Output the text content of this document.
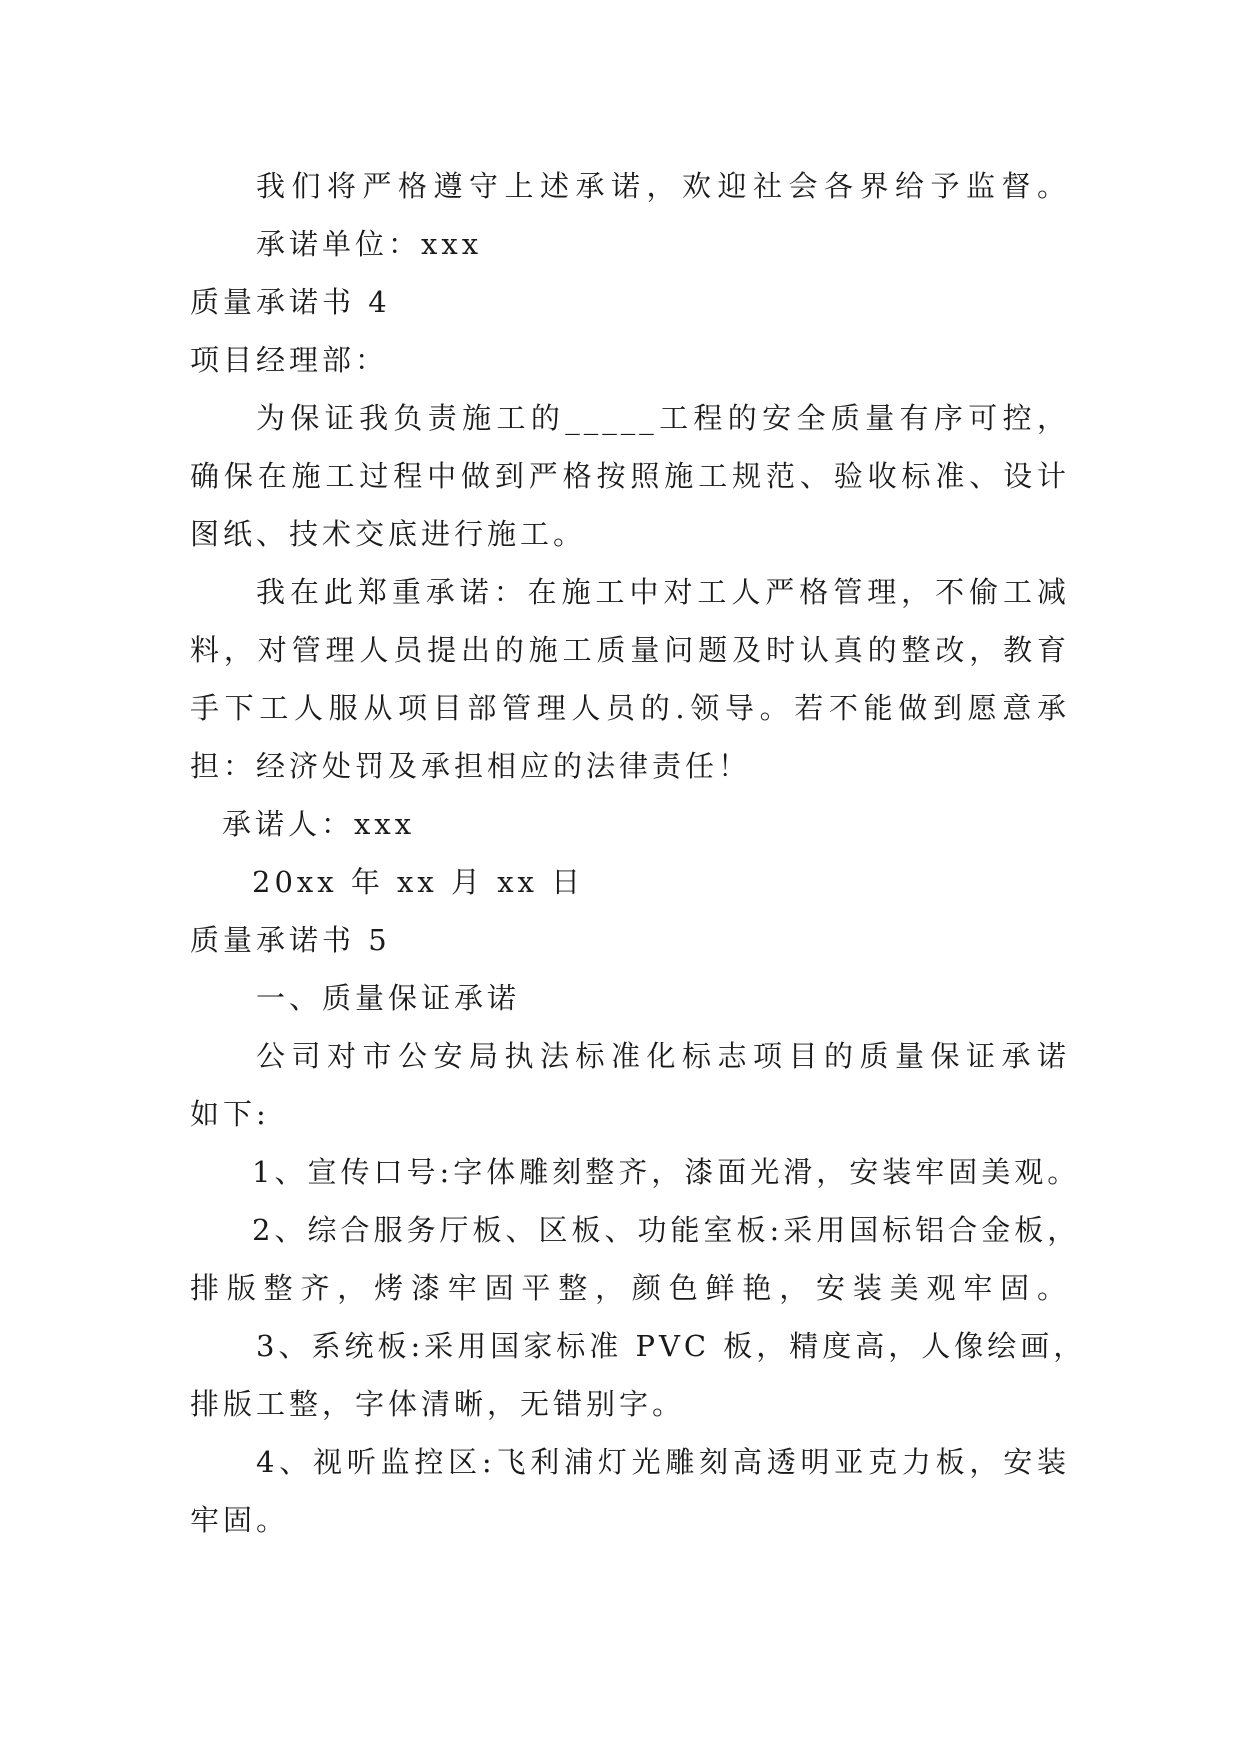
我们将严格遵守上述承诺，欢迎社会各界给予监督。
承诺单位：xxx
质量承诺书 4
项目经理部：
为保证我负责施工的_____工程的安全质量有序可控，
确保在施工过程中做到严格按照施工规范、验收标准、设计
图纸、技术交底进行施工。
我在此郑重承诺：在施工中对工人严格管理，不偷工减
料，对管理人员提出的施工质量问题及时认真的整改，教育
手下工人服从项目部管理人员的.领导。若不能做到愿意承
担：经济处罚及承担相应的法律责任！
承诺人：xxx
20xx 年 xx 月 xx 日
质量承诺书 5
一、质量保证承诺
公司对市公安局执法标准化标志项目的质量保证承诺
如下:
1、宣传口号:字体雕刻整齐，漆面光滑，安装牢固美观。
2、综合服务厅板、区板、功能室板:采用国标铝合金板，
排版整齐，烤漆牢固平整，颜色鲜艳，安装美观牢固。
3、系统板:采用国家标准 PVC 板，精度高，人像绘画，
排版工整，字体清晰，无错别字。
4、视听监控区:飞利浦灯光雕刻高透明亚克力板，安装
牢固。
